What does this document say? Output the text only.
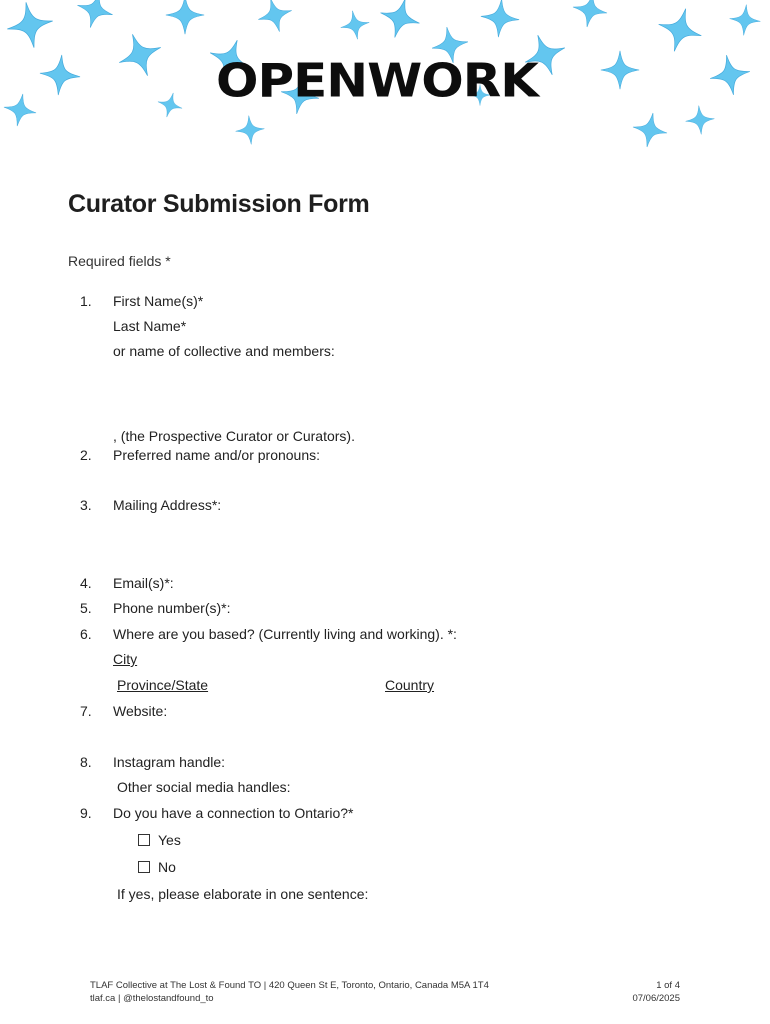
OPENWORK
Curator Submission Form
Required fields *
1. First Name(s)*
Last Name*
or name of collective and members:
, (the Prospective Curator or Curators).
2. Preferred name and/or pronouns:
3. Mailing Address*:
4. Email(s)*:
5. Phone number(s)*:
6. Where are you based? (Currently living and working). *:
City
Province/State	Country
7. Website:
8. Instagram handle:
Other social media handles:
9. Do you have a connection to Ontario?*
Yes
No
If yes, please elaborate in one sentence:
TLAF Collective at The Lost & Found TO | 420 Queen St E, Toronto, Ontario, Canada M5A 1T4
tlaf.ca | @thelostandfound_to
1 of 4
07/06/2025
